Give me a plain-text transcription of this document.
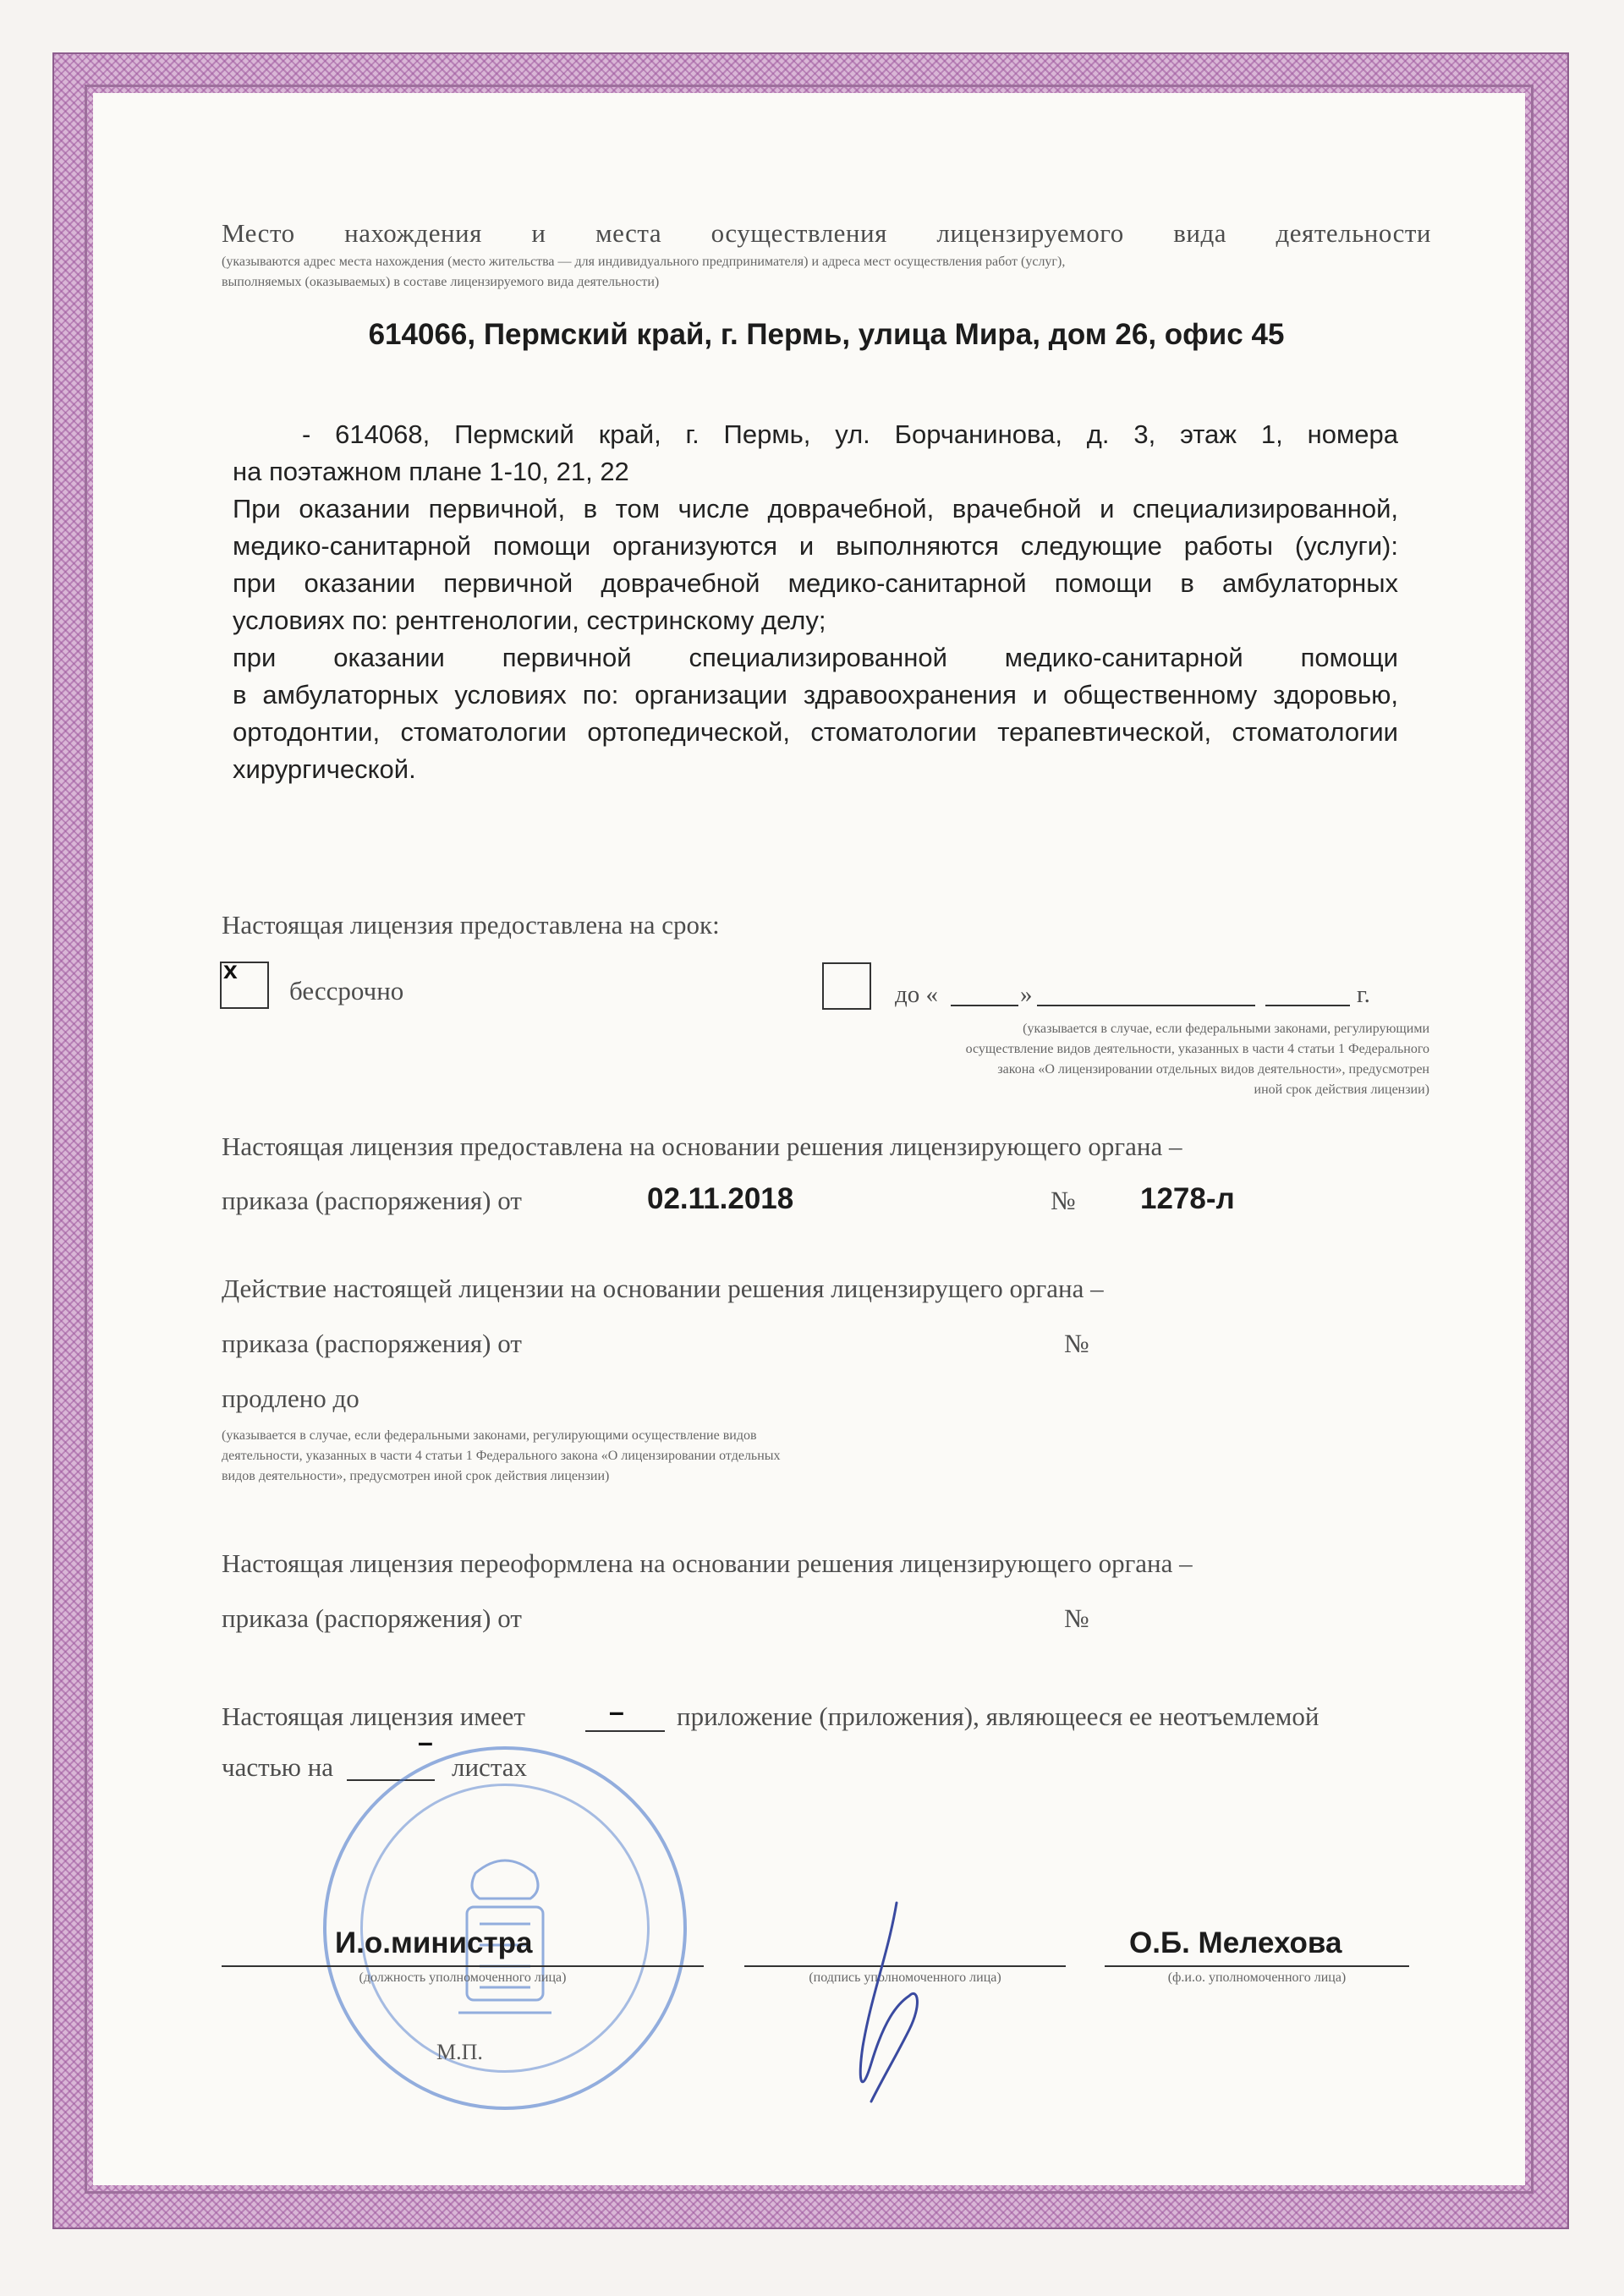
Место нахождения и места осуществления лицензируемого вида деятельности

(указываются адрес места нахождения (место жительства — для индивидуального предпринимателя) и адреса мест осуществления работ (услуг),

выполняемых (оказываемых) в составе лицензируемого вида деятельности)

614066, Пермский край, г. Пермь, улица Мира, дом 26, офис 45

- 614068, Пермский край, г. Пермь, ул. Борчанинова, д. 3, этаж 1, номера
на поэтажном плане 1-10, 21, 22
При оказании первичной, в том числе доврачебной, врачебной и специализированной,
медико-санитарной помощи организуются и выполняются следующие работы (услуги):
при оказании первичной доврачебной медико-санитарной помощи в амбулаторных
условиях по: рентгенологии, сестринскому делу;
при оказании первичной специализированной медико-санитарной помощи
в амбулаторных условиях по: организации здравоохранения и общественному здоровью,
ортодонтии, стоматологии ортопедической, стоматологии терапевтической, стоматологии
хирургической.

Настоящая лицензия предоставлена на срок:

x

бессрочно	до «	»	г.
(указывается в случае, если федеральными законами, регулирующими
осуществление видов деятельности, указанных в части 4 статьи 1 Федерального
закона «О лицензировании отдельных видов деятельности», предусмотрен
иной срок действия лицензии)

Настоящая лицензия предоставлена на основании решения лицензирующего органа –

приказа (распоряжения) от	02.11.2018	№ 1278-л

Действие настоящей лицензии на основании решения лицензирущего органа –

приказа (распоряжения) от	№

продлено до

(указывается в случае, если федеральными законами, регулирующими осуществление видов
деятельности, указанных в части 4 статьи 1 Федерального закона «О лицензировании отдельных
видов деятельности», предусмотрен иной срок действия лицензии)

Настоящая лицензия переоформлена на основании решения лицензирующего органа –

приказа (распоряжения) от	№

Настоящая лицензия имеет	– приложение (приложения), являющееся ее неотъемлемой

частью на

–

листах

М.П.

И.о.министра

(должность уполномоченного лица)	(подпись уполномоченного лица)

О.Б. Мелехова

(ф.и.о. уполномоченного лица)
